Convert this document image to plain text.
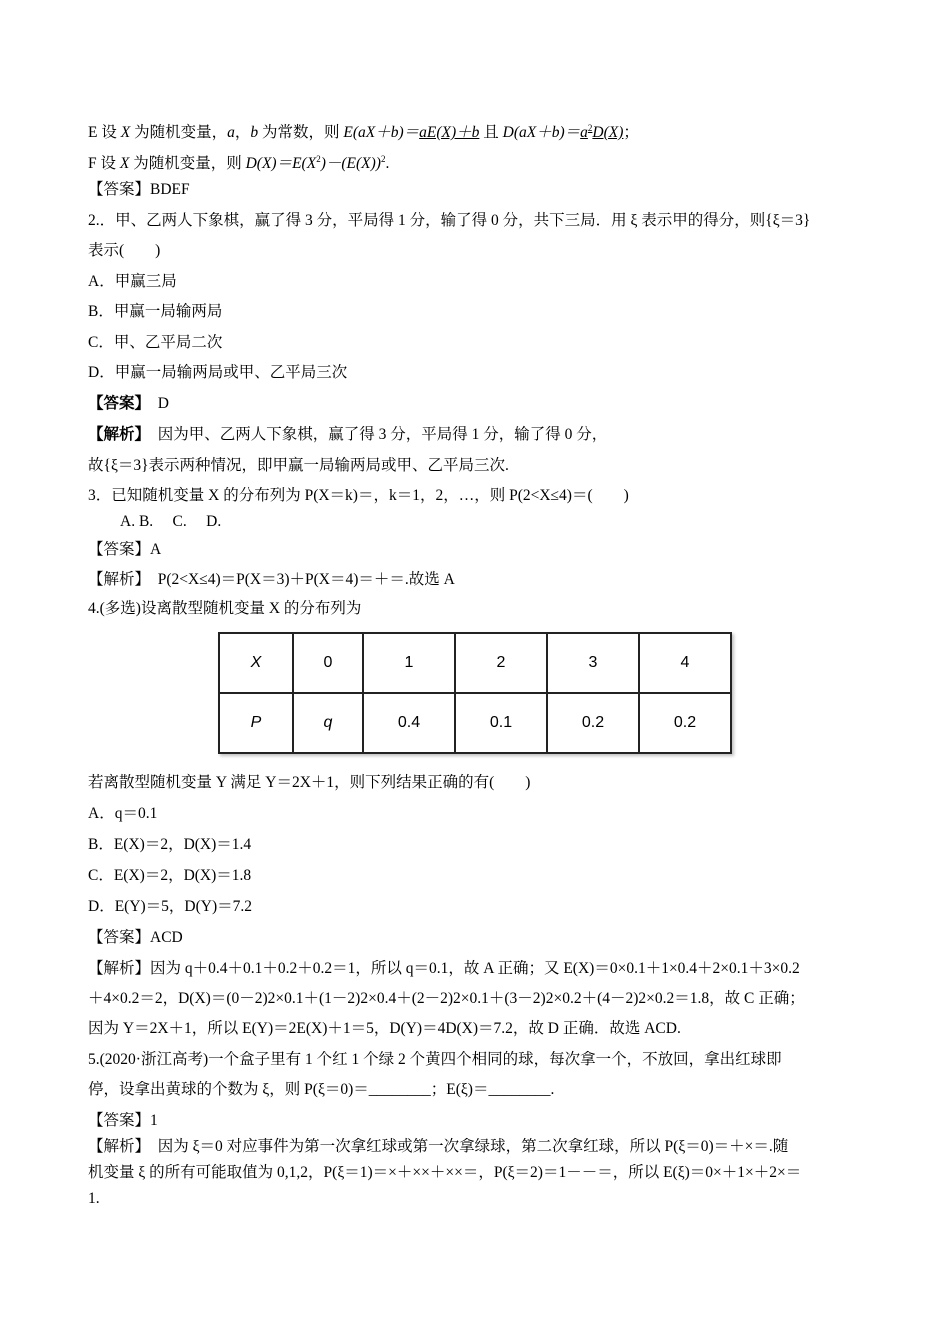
E 设 X 为随机变量，a，b 为常数，则 E(aX＋b)＝aE(X)＋b 且 $D(aX+b)=a^2D(X)$；
F 设 X 为随机变量，则 $D(X)=E(X^2)-(E(X))^2$.
【答案】BDEF
2.．甲、乙两人下象棋，赢了得 3 分，平局得 1 分，输了得 0 分，共下三局．用 ξ 表示甲的得分，则{ξ＝3}
表示(　　)
A．甲赢三局
B．甲赢一局输两局
C．甲、乙平局二次
D．甲赢一局输两局或甲、乙平局三次
【答案】　D
【解析】　因为甲、乙两人下象棋，赢了得 3 分，平局得 1 分，输了得 0 分，
故{ξ＝3}表示两种情况，即甲赢一局输两局或甲、乙平局三次.
3．已知随机变量 X 的分布列为 P(X＝k)＝，k＝1，2，…，则 P(2<X≤4)＝(　　)
A. B.　 C.　 D.
【答案】A
【解析】　P(2<X≤4)＝P(X＝3)＋P(X＝4)＝＋＝.故选 A
4.(多选)设离散型随机变量 X 的分布列为
X	0	1	2	3	4
P	q	0.4	0.1	0.2	0.2
若离散型随机变量 Y 满足 Y＝2X＋1，则下列结果正确的有(　　)
A．q＝0.1
B．E(X)＝2，D(X)＝1.4
C．E(X)＝2，D(X)＝1.8
D．E(Y)＝5，D(Y)＝7.2
【答案】ACD
【解析】因为 q＋0.4＋0.1＋0.2＋0.2＝1，所以 q＝0.1，故 A 正确；又 E(X)＝0×0.1＋1×0.4＋2×0.1＋3×0.2
＋4×0.2＝2，D(X)＝(0－2)2×0.1＋(1－2)2×0.4＋(2－2)2×0.1＋(3－2)2×0.2＋(4－2)2×0.2＝1.8，故 C 正确；
因为 Y＝2X＋1，所以 E(Y)＝2E(X)＋1＝5，D(Y)＝4D(X)＝7.2，故 D 正确．故选 ACD.
5.(2020·浙江高考)一个盒子里有 1 个红 1 个绿 2 个黄四个相同的球，每次拿一个，不放回，拿出红球即
停，设拿出黄球的个数为 ξ，则 P(ξ＝0)＝________；E(ξ)＝________.
【答案】1
【解析】　因为 ξ＝0 对应事件为第一次拿红球或第一次拿绿球，第二次拿红球，所以 P(ξ＝0)＝＋×＝.随
机变量 ξ 的所有可能取值为 0,1,2，P(ξ＝1)＝×＋××＋××＝，P(ξ＝2)＝1－－＝，所以 E(ξ)＝0×＋1×＋2×＝
1.
